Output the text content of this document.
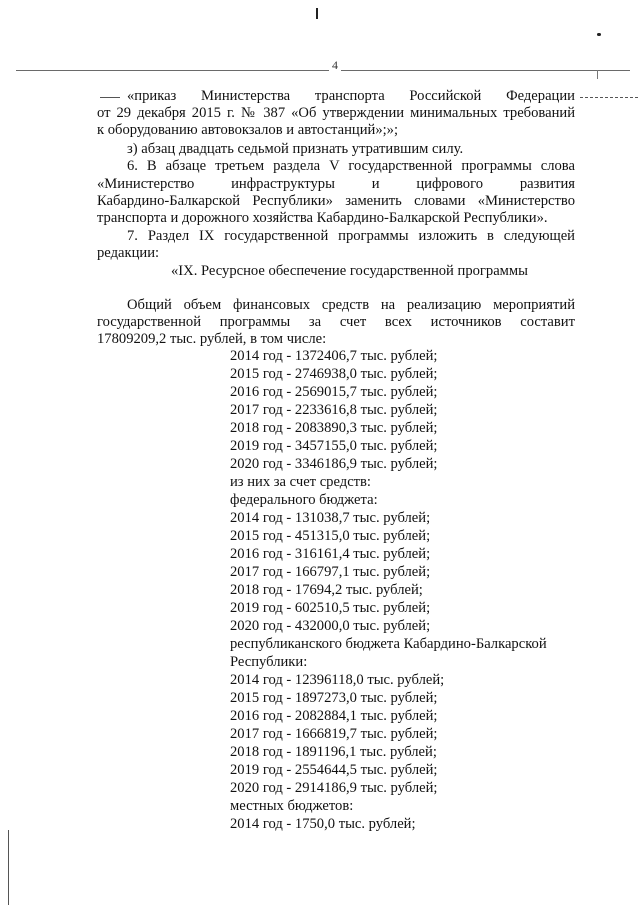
4
«приказ Министерства транспорта Российской Федерации
от 29 декабря 2015 г. № 387 «Об утверждении минимальных требований
к оборудованию автовокзалов и автостанций»;»;
з) абзац двадцать седьмой признать утратившим силу.
6. В абзаце третьем раздела V государственной программы слова
«Министерство инфраструктуры и цифрового развития
Кабардино-Балкарской Республики» заменить словами «Министерство
транспорта и дорожного хозяйства Кабардино-Балкарской Республики».
7. Раздел IX государственной программы изложить в следующей
редакции:
«IX. Ресурсное обеспечение государственной программы
Общий объем финансовых средств на реализацию мероприятий
государственной программы за счет всех источников составит
17809209,2 тыс. рублей, в том числе:
2014 год - 1372406,7 тыс. рублей;
2015 год - 2746938,0 тыс. рублей;
2016 год - 2569015,7 тыс. рублей;
2017 год - 2233616,8 тыс. рублей;
2018 год - 2083890,3 тыс. рублей;
2019 год - 3457155,0 тыс. рублей;
2020 год - 3346186,9 тыс. рублей;
из них за счет средств:
федерального бюджета:
2014 год - 131038,7 тыс. рублей;
2015 год - 451315,0 тыс. рублей;
2016 год - 316161,4 тыс. рублей;
2017 год - 166797,1 тыс. рублей;
2018 год - 17694,2 тыс. рублей;
2019 год - 602510,5 тыс. рублей;
2020 год - 432000,0 тыс. рублей;
республиканского бюджета Кабардино-Балкарской
Республики:
2014 год - 12396118,0 тыс. рублей;
2015 год - 1897273,0 тыс. рублей;
2016 год - 2082884,1 тыс. рублей;
2017 год - 1666819,7 тыс. рублей;
2018 год - 1891196,1 тыс. рублей;
2019 год - 2554644,5 тыс. рублей;
2020 год - 2914186,9 тыс. рублей;
местных бюджетов:
2014 год - 1750,0 тыс. рублей;
